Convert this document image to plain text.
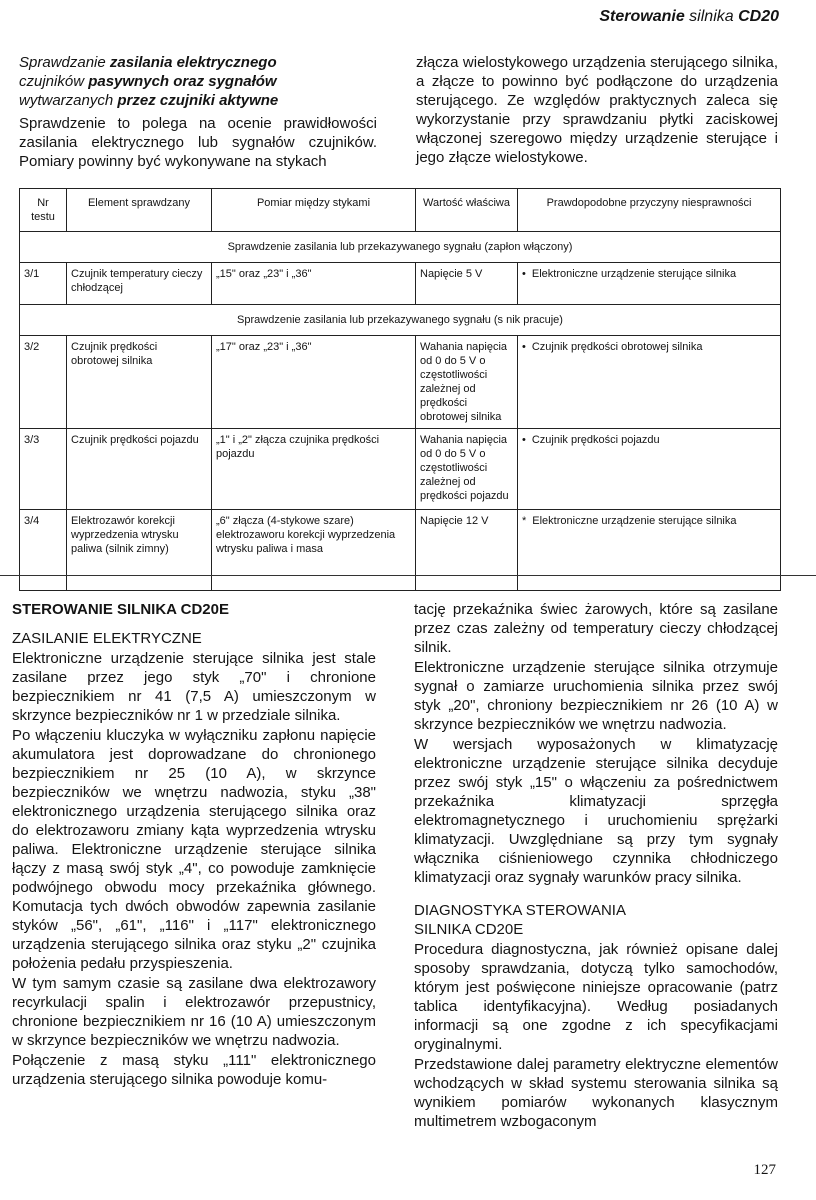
Sterowanie silnika CD20
Sprawdzanie zasilania elektrycznego
czujników pasywnych oraz sygnałów
wytwarzanych przez czujniki aktywne

Sprawdzenie to polega na ocenie prawidłowości zasilania elektrycznego lub sygnałów czujników. Pomiary powinny być wykonywane na stykach

złącza wielostykowego urządzenia sterującego silnika, a złącze to powinno być podłączone do urządzenia sterującego. Ze względów praktycznych zaleca się wykorzystanie przy sprawdzaniu płytki zaciskowej włączonej szeregowo między urządzenie sterujące i jego złącze wielostykowe.

Nr testu	Element sprawdzany	Pomiar między stykami	Wartość właściwa	Prawdopodobne przyczyny niesprawności
Sprawdzenie zasilania lub przekazywanego sygnału (zapłon włączony)				
3/1	Czujnik temperatury cieczy chłodzącej	„15" oraz „23" i „36"	Napięcie 5 V	• Elektroniczne urządzenie sterujące silnika

Sprawdzenie zasilania lub przekazywanego sygnału (s nik pracuje)				
3/2	Czujnik prędkości obrotowej silnika	„17" oraz „23" i „36"	Wahania napięcia od 0 do 5 V o częstotliwości zależnej od prędkości obrotowej silnika	• Czujnik prędkości obrotowej silnika

3/3	Czujnik prędkości pojazdu	„1" i „2" złącza czujnika prędkości pojazdu	Wahania napięcia od 0 do 5 V o częstotliwości zależnej od prędkości pojazdu	• Czujnik prędkości pojazdu

3/4	Elektrozawór korekcji wyprzedzenia wtrysku paliwa (silnik zimny)	„6" złącza (4-stykowe szare) elektrozaworu korekcji wyprzedzenia wtrysku paliwa i masa	Napięcie 12 V	* Elektroniczne urządzenie sterujące silnika

STEROWANIE SILNIKA CD20E

ZASILANIE ELEKTRYCZNE

Elektroniczne urządzenie sterujące silnika jest stale zasilane przez jego styk „70" i chronione bezpiecznikiem nr 41 (7,5 A) umieszczonym w skrzynce bezpieczników nr 1 w przedziale silnika.

Po włączeniu kluczyka w wyłączniku zapłonu napięcie akumulatora jest doprowadzane do chronionego bezpiecznikiem nr 25 (10 A), w skrzynce bezpieczników we wnętrzu nadwozia, styku „38" elektronicznego urządzenia sterującego silnika oraz do elektrozaworu zmiany kąta wyprzedzenia wtrysku paliwa. Elektroniczne urządzenie sterujące silnika łączy z masą swój styk „4", co powoduje zamknięcie podwójnego obwodu mocy przekaźnika głównego. Komutacja tych dwóch obwodów zapewnia zasilanie styków „56", „61", „116" i „117" elektronicznego urządzenia sterującego silnika oraz styku „2" czujnika położenia pedału przyspieszenia.

W tym samym czasie są zasilane dwa elektrozawory recyrkulacji spalin i elektrozawór przepustnicy, chronione bezpiecznikiem nr 16 (10 A) umieszczonym w skrzynce bezpieczników we wnętrzu nadwozia.

Połączenie z masą styku „111" elektronicznego urządzenia sterującego silnika powoduje komu-

tację przekaźnika świec żarowych, które są zasilane przez czas zależny od temperatury cieczy chłodzącej silnik.

Elektroniczne urządzenie sterujące silnika otrzymuje sygnał o zamiarze uruchomienia silnika przez swój styk „20", chroniony bezpiecznikiem nr 26 (10 A) w skrzynce bezpieczników we wnętrzu nadwozia.

W wersjach wyposażonych w klimatyzację elektroniczne urządzenie sterujące silnika decyduje przez swój styk „15" o włączeniu za pośrednictwem przekaźnika klimatyzacji sprzęgła elektromagnetycznego i uruchomieniu sprężarki klimatyzacji. Uwzględniane są przy tym sygnały włącznika ciśnieniowego czynnika chłodniczego klimatyzacji oraz sygnały warunków pracy silnika.

DIAGNOSTYKA STEROWANIA

SILNIKA CD20E

Procedura diagnostyczna, jak również opisane dalej sposoby sprawdzania, dotyczą tylko samochodów, którym jest poświęcone niniejsze opracowanie (patrz tablica identyfikacyjna). Według posiadanych informacji są one zgodne z ich specyfikacjami oryginalnymi.

Przedstawione dalej parametry elektryczne elementów wchodzących w skład systemu sterowania silnika są wynikiem pomiarów wykonanych klasycznym multimetrem wzbogaconym

127
